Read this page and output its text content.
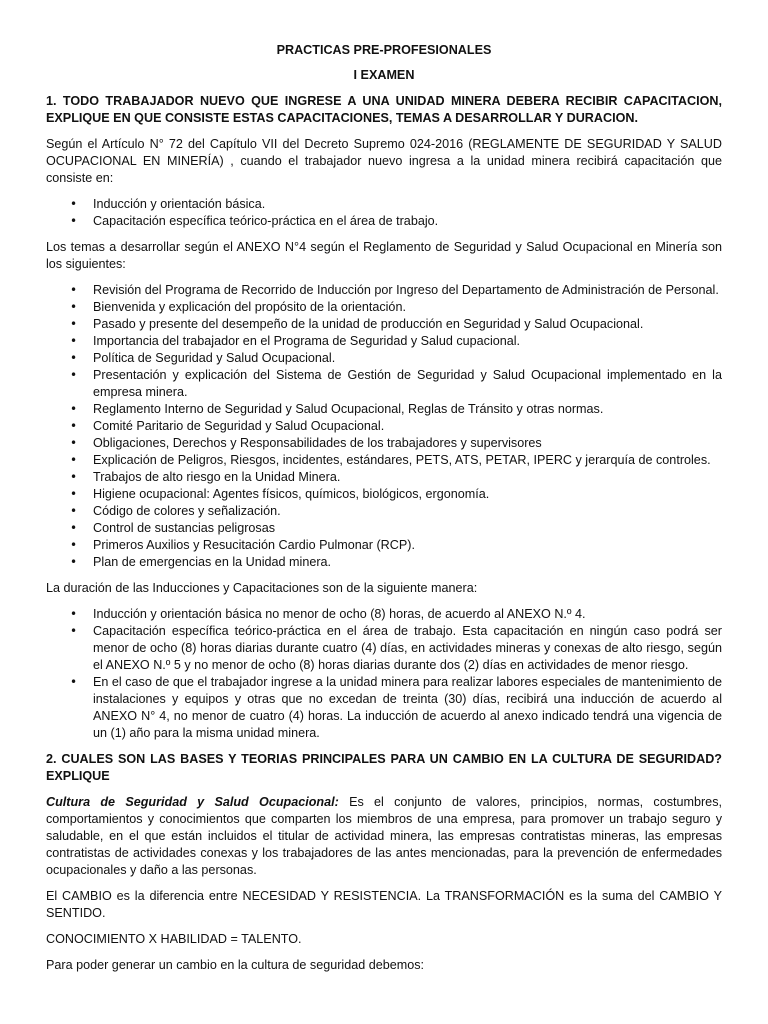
PRACTICAS PRE-PROFESIONALES

I EXAMEN

1. TODO TRABAJADOR NUEVO QUE INGRESE A UNA UNIDAD MINERA DEBERA RECIBIR CAPACITACION, EXPLIQUE EN QUE CONSISTE ESTAS CAPACITACIONES, TEMAS A DESARROLLAR Y DURACION.

Según el Artículo N° 72 del Capítulo VII del Decreto Supremo 024-2016 (REGLAMENTE DE SEGURIDAD Y SALUD OCUPACIONAL EN MINERÍA) , cuando el trabajador nuevo ingresa a la unidad minera recibirá capacitación que consiste en:

• Inducción y orientación básica.
• Capacitación específica teórico-práctica en el área de trabajo.

Los temas a desarrollar según el ANEXO N°4 según el Reglamento de Seguridad y Salud Ocupacional en Minería son los siguientes:

• Revisión del Programa de Recorrido de Inducción por Ingreso del Departamento de Administración de Personal.
• Bienvenida y explicación del propósito de la orientación.
• Pasado y presente del desempeño de la unidad de producción en Seguridad y Salud Ocupacional.
• Importancia del trabajador en el Programa de Seguridad y Salud cupacional.
• Política de Seguridad y Salud Ocupacional.
• Presentación y explicación del Sistema de Gestión de Seguridad y Salud Ocupacional implementado en la empresa minera.
• Reglamento Interno de Seguridad y Salud Ocupacional, Reglas de Tránsito y otras normas.
• Comité Paritario de Seguridad y Salud Ocupacional.
• Obligaciones, Derechos y Responsabilidades de los trabajadores y supervisores
• Explicación de Peligros, Riesgos, incidentes, estándares, PETS, ATS, PETAR, IPERC y jerarquía de controles.
• Trabajos de alto riesgo en la Unidad Minera.
• Higiene ocupacional: Agentes físicos, químicos, biológicos, ergonomía.
• Código de colores y señalización.
• Control de sustancias peligrosas
• Primeros Auxilios y Resucitación Cardio Pulmonar (RCP).
• Plan de emergencias en la Unidad minera.

La duración de las Inducciones y Capacitaciones son de la siguiente manera:

• Inducción y orientación básica no menor de ocho (8) horas, de acuerdo al ANEXO N.º 4.
• Capacitación específica teórico-práctica en el área de trabajo. Esta capacitación en ningún caso podrá ser menor de ocho (8) horas diarias durante cuatro (4) días, en actividades mineras y conexas de alto riesgo, según el ANEXO N.º 5 y no menor de ocho (8) horas diarias durante dos (2) días en actividades de menor riesgo.
• En el caso de que el trabajador ingrese a la unidad minera para realizar labores especiales de mantenimiento de instalaciones y equipos y otras que no excedan de treinta (30) días, recibirá una inducción de acuerdo al ANEXO N° 4, no menor de cuatro (4) horas. La inducción de acuerdo al anexo indicado tendrá una vigencia de un (1) año para la misma unidad minera.
2. CUALES SON LAS BASES Y TEORIAS PRINCIPALES PARA UN CAMBIO EN LA CULTURA DE SEGURIDAD? EXPLIQUE

Cultura de Seguridad y Salud Ocupacional: Es el conjunto de valores, principios, normas, costumbres, comportamientos y conocimientos que comparten los miembros de una empresa, para promover un trabajo seguro y saludable, en el que están incluidos el titular de actividad minera, las empresas contratistas mineras, las empresas contratistas de actividades conexas y los trabajadores de las antes mencionadas, para la prevención de enfermedades ocupacionales y daño a las personas.

El CAMBIO es la diferencia entre NECESIDAD Y RESISTENCIA. La TRANSFORMACIÓN es la suma del CAMBIO Y SENTIDO.

CONOCIMIENTO X HABILIDAD = TALENTO.

Para poder generar un cambio en la cultura de seguridad debemos:
